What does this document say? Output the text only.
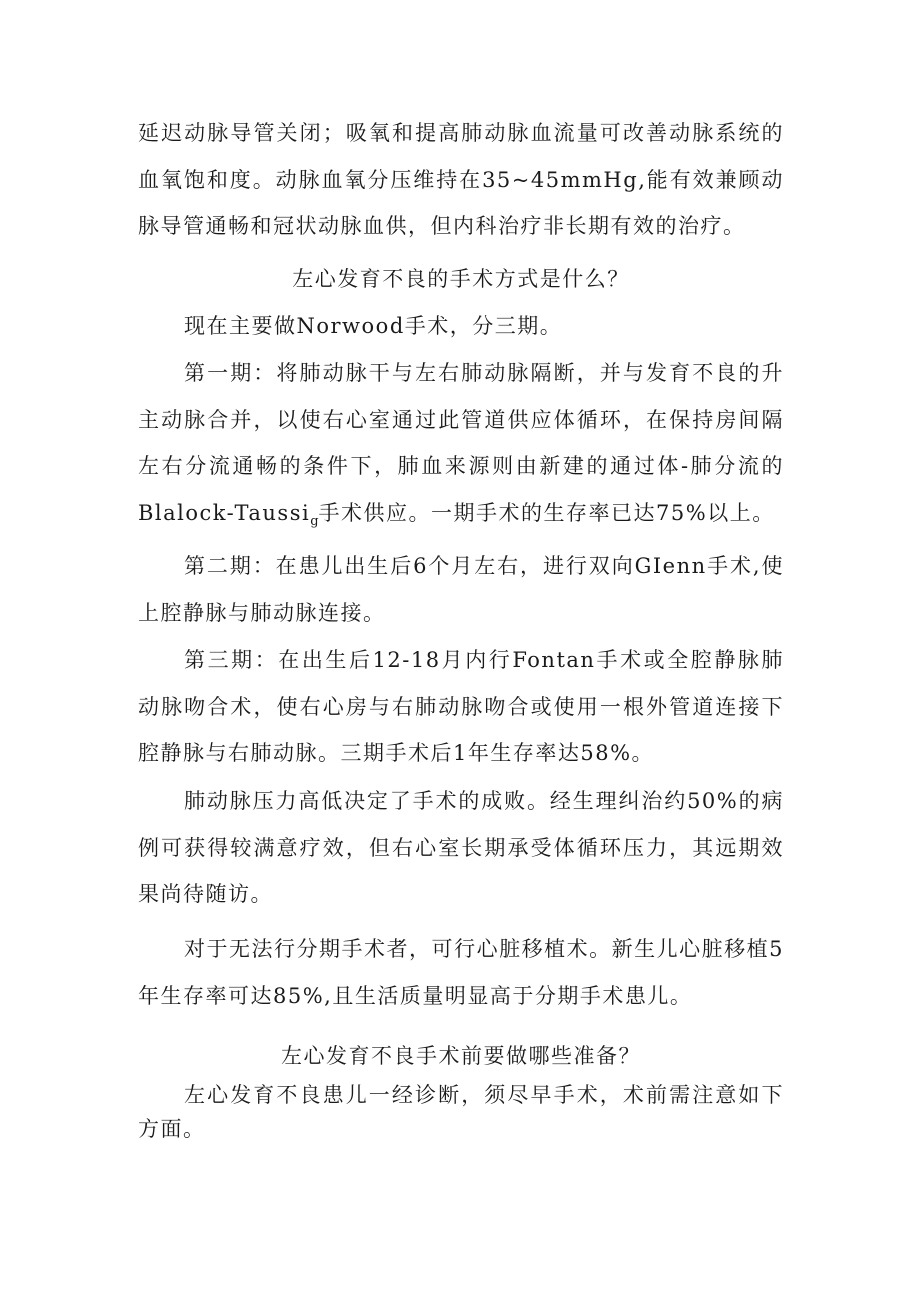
延迟动脉导管关闭；吸氧和提高肺动脉血流量可改善动脉系统的血氧饱和度。动脉血氧分压维持在35~45mmHg,能有效兼顾动脉导管通畅和冠状动脉血供，但内科治疗非长期有效的治疗。

左心发育不良的手术方式是什么？

现在主要做Norwood手术，分三期。

第一期：将肺动脉干与左右肺动脉隔断，并与发育不良的升主动脉合并，以使右心室通过此管道供应体循环，在保持房间隔左右分流通畅的条件下，肺血来源则由新建的通过体-肺分流的Blalock-Taussi$_g$手术供应。一期手术的生存率已达75%以上。

第二期：在患儿出生后6个月左右，进行双向GIenn手术,使上腔静脉与肺动脉连接。

第三期：在出生后12-18月内行Fontan手术或全腔静脉肺动脉吻合术，使右心房与右肺动脉吻合或使用一根外管道连接下腔静脉与右肺动脉。三期手术后1年生存率达58%。

肺动脉压力高低决定了手术的成败。经生理纠治约50%的病例可获得较满意疗效，但右心室长期承受体循环压力，其远期效果尚待随访。

对于无法行分期手术者，可行心脏移植术。新生儿心脏移植5年生存率可达85%,且生活质量明显高于分期手术患儿。

左心发育不良手术前要做哪些准备？

左心发育不良患儿一经诊断，须尽早手术，术前需注意如下方面。
